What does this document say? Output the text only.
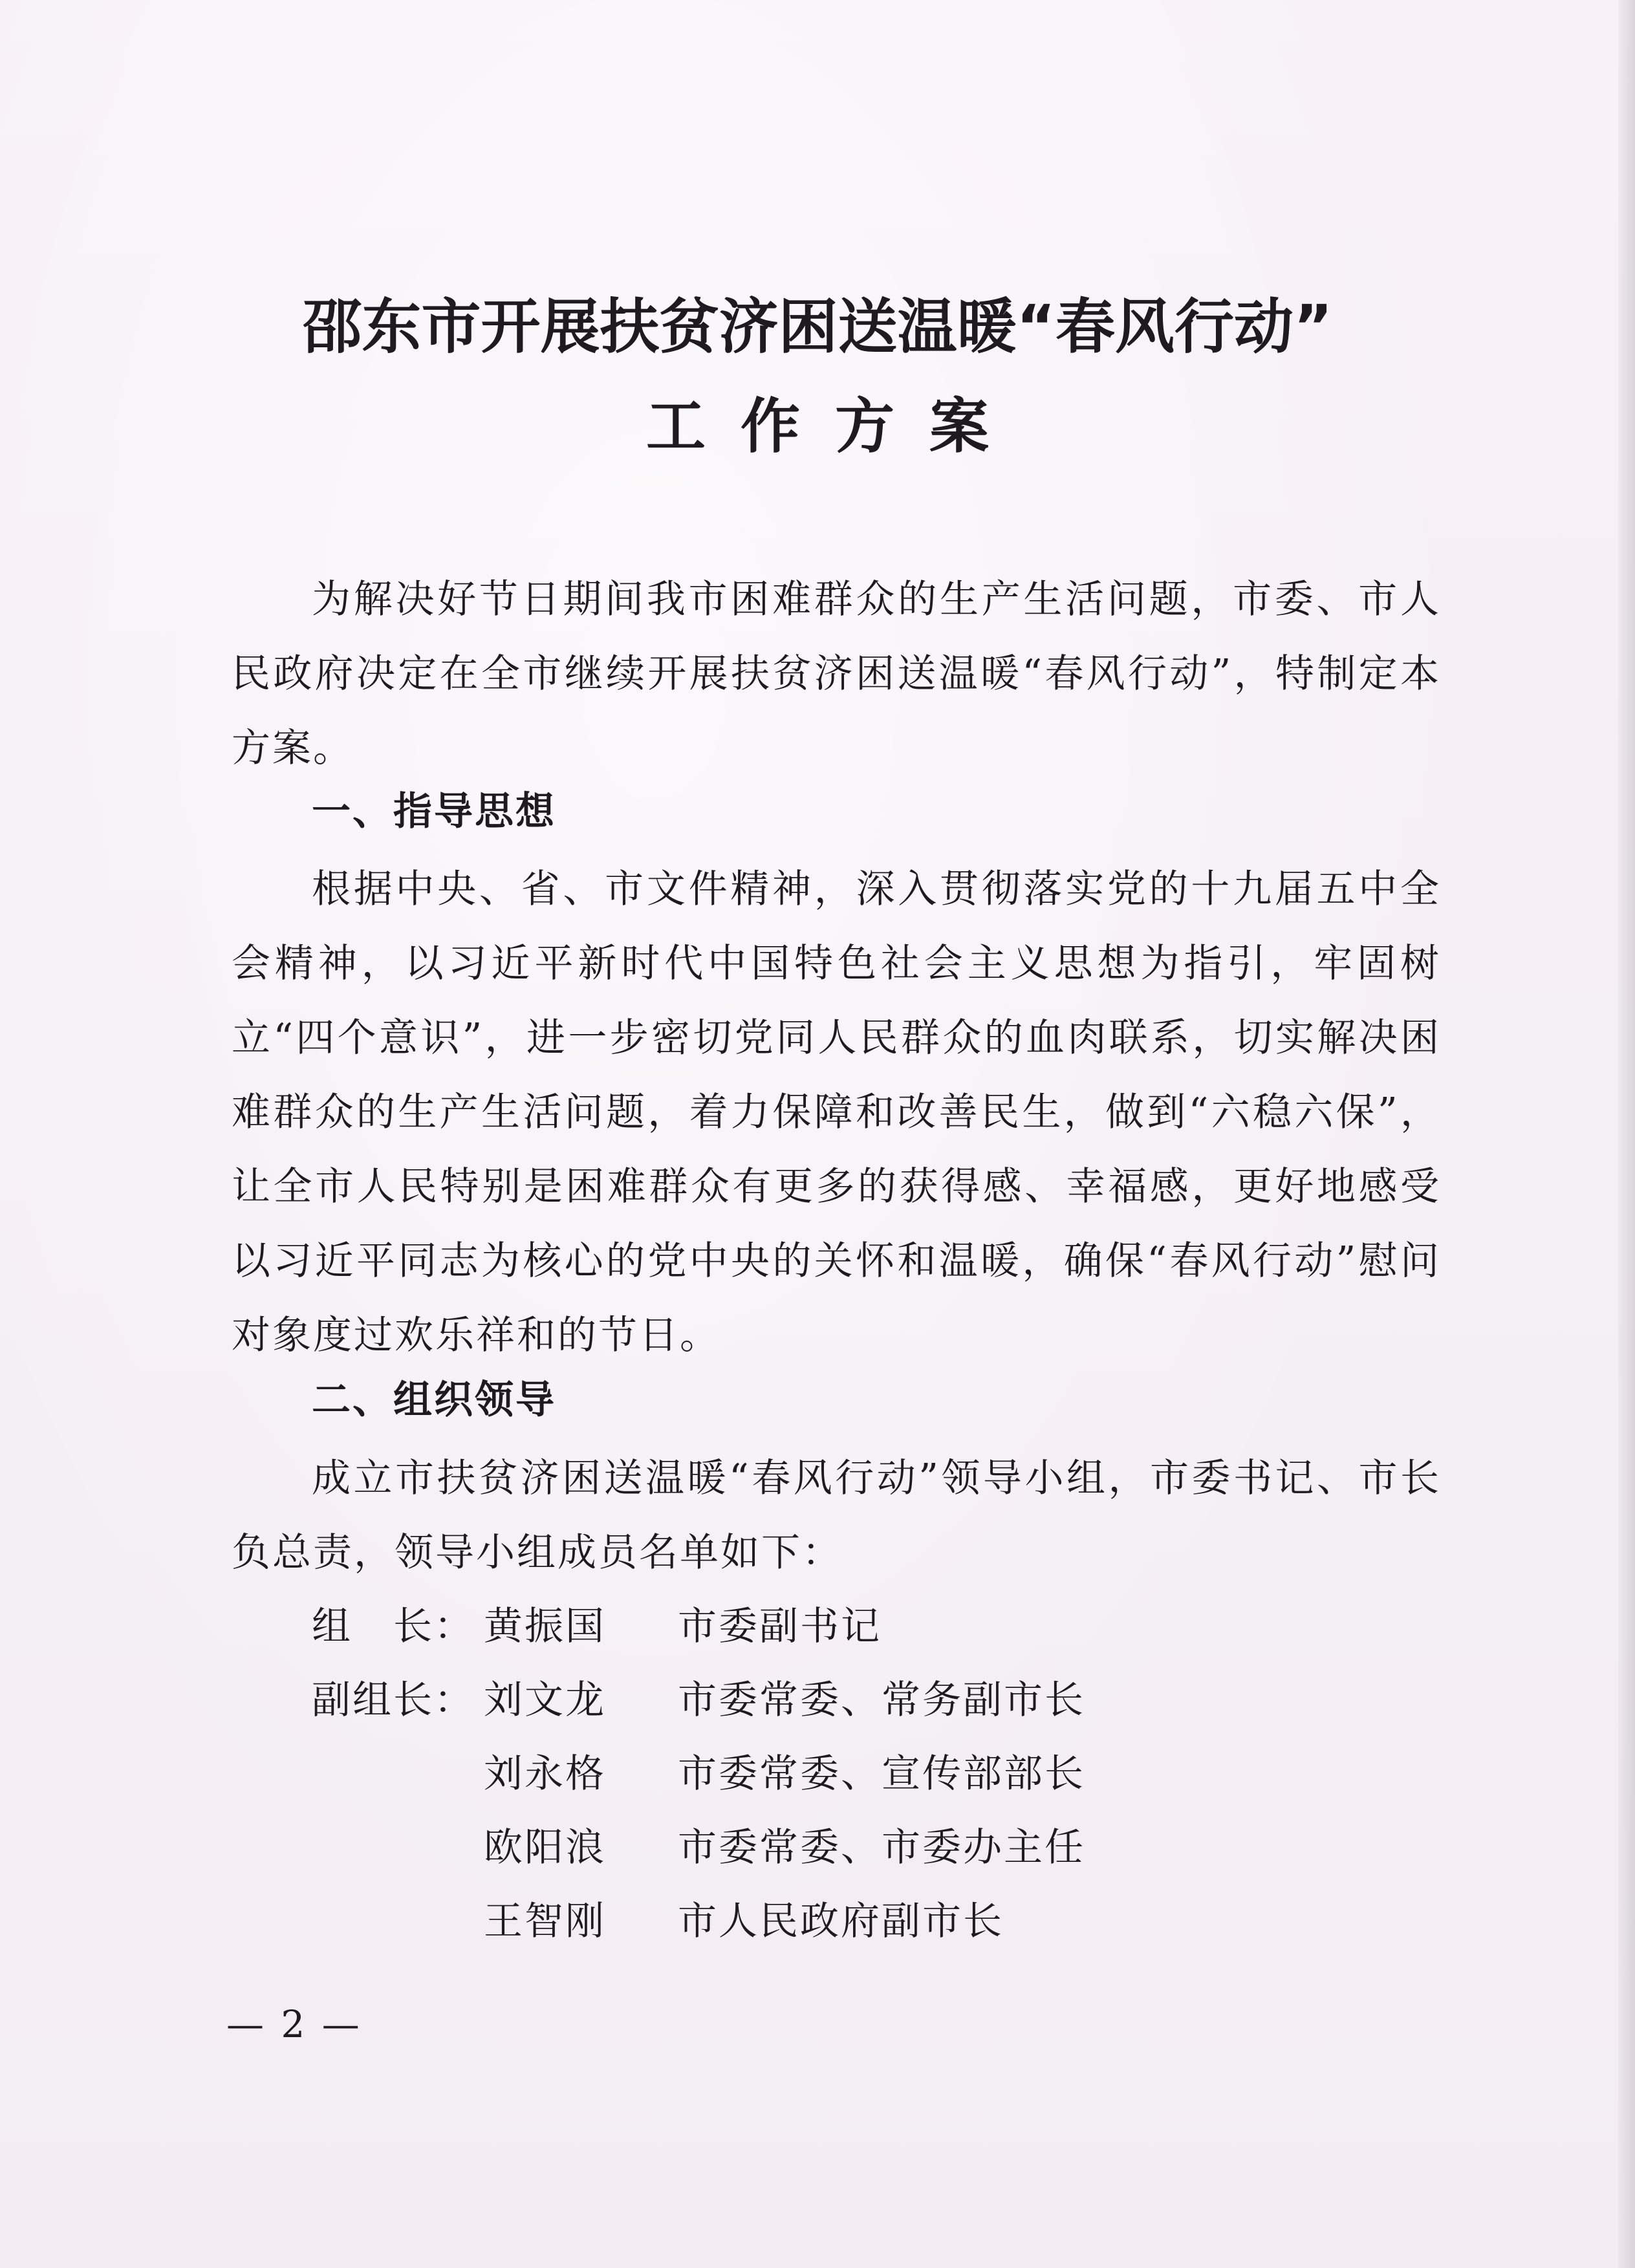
邵东市开展扶贫济困送温暖“春风行动”
工作方案

为解决好节日期间我市困难群众的生产生活问题，市委、市人民政府决定在全市继续开展扶贫济困送温暖“春风行动”，特制定本方案。

一、指导思想

根据中央、省、市文件精神，深入贯彻落实党的十九届五中全会精神，以习近平新时代中国特色社会主义思想为指引，牢固树立“四个意识”，进一步密切党同人民群众的血肉联系，切实解决困难群众的生产生活问题，着力保障和改善民生，做到“六稳六保”，让全市人民特别是困难群众有更多的获得感、幸福感，更好地感受以习近平同志为核心的党中央的关怀和温暖，确保“春风行动”慰问对象度过欢乐祥和的节日。

二、组织领导

成立市扶贫济困送温暖“春风行动”领导小组，市委书记、市长负总责，领导小组成员名单如下：

组　长： 黄振国 市委副书记
副组长： 刘文龙 市委常委、常务副市长
刘永格 市委常委、宣传部部长
欧阳浪 市委常委、市委办主任
王智刚 市人民政府副市长
— 2 —
